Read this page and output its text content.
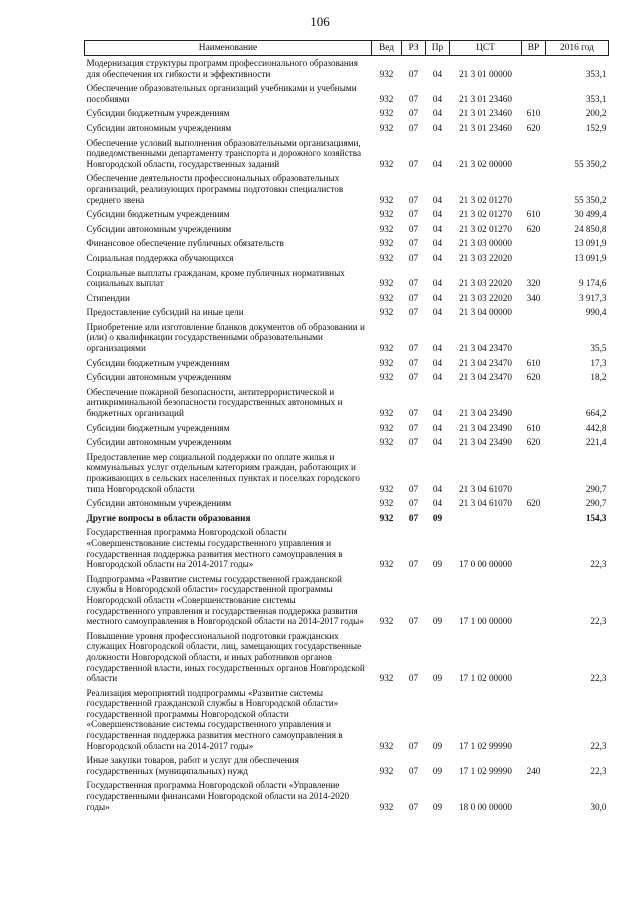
106
Наименование	Вед	РЗ	Пр	ЦСТ	ВР	2016 год
Модернизация структуры программ профессионального образования для обеспечения их гибкости и эффективности	932	07	04	21 3 01 00000		353,1
Обеспечение образовательных организаций учебниками и учебными пособиями	932	07	04	21 3 01 23460		353,1
Субсидии бюджетным учреждениям	932	07	04	21 3 01 23460	610	200,2
Субсидии автономным учреждениям	932	07	04	21 3 01 23460	620	152,9
Обеспечение условий выполнения образовательными организациями, подведомственными департаменту транспорта и дорожного хозяйства Новгородской области, государственных заданий	932	07	04	21 3 02 00000		55 350,2
Обеспечение деятельности профессиональных образовательных организаций, реализующих программы подготовки специалистов среднего звена	932	07	04	21 3 02 01270		55 350,2
Субсидии бюджетным учреждениям	932	07	04	21 3 02 01270	610	30 499,4
Субсидии автономным учреждениям	932	07	04	21 3 02 01270	620	24 850,8
Финансовое обеспечение публичных обязательств	932	07	04	21 3 03 00000		13 091,9
Социальная поддержка обучающихся	932	07	04	21 3 03 22020		13 091,9
Социальные выплаты гражданам, кроме публичных нормативных социальных выплат	932	07	04	21 3 03 22020	320	9 174,6
Стипендии	932	07	04	21 3 03 22020	340	3 917,3
Предоставление субсидий на иные цели	932	07	04	21 3 04 00000		990,4
Приобретение или изготовление бланков документов об образовании и (или) о квалификации государственными образовательными организациями	932	07	04	21 3 04 23470		35,5
Субсидии бюджетным учреждениям	932	07	04	21 3 04 23470	610	17,3
Субсидии автономным учреждениям	932	07	04	21 3 04 23470	620	18,2
Обеспечение пожарной безопасности, антитеррористической и антикриминальной безопасности государственных автономных и бюджетных организаций	932	07	04	21 3 04 23490		664,2
Субсидии бюджетным учреждениям	932	07	04	21 3 04 23490	610	442,8
Субсидии автономным учреждениям	932	07	04	21 3 04 23490	620	221,4
Предоставление мер социальной поддержки по оплате жилья и коммунальных услуг отдельным категориям граждан, работающих и проживающих в сельских населенных пунктах и поселках городского типа Новгородской области	932	07	04	21 3 04 61070		290,7
Субсидии автономным учреждениям	932	07	04	21 3 04 61070	620	290,7
Другие вопросы в области образования	932	07	09			154,3
Государственная программа Новгородской области «Совершенствование системы государственного управления и государственная поддержка развития местного самоуправления в Новгородской области на 2014-2017 годы»	932	07	09	17 0 00 00000		22,3
Подпрограмма «Развитие системы государственной гражданской службы в Новгородской области» государственной программы Новгородской области «Совершенствование системы государственного управления и государственная поддержка развития местного самоуправления в Новгородской области на 2014-2017 годы»	932	07	09	17 1 00 00000		22,3
Повышение уровня профессиональной подготовки гражданских служащих Новгородской области, лиц, замещающих государственные должности Новгородской области, и иных работников органов государственной власти, иных государственных органов Новгородской области	932	07	09	17 1 02 00000		22,3
Реализация мероприятий подпрограммы «Развитие системы государственной гражданской службы в Новгородской области» государственной программы Новгородской области «Совершенствование системы государственного управления и государственная поддержка развития местного самоуправления в Новгородской области на 2014-2017 годы»	932	07	09	17 1 02 99990		22,3
Иные закупки товаров, работ и услуг для обеспечения государственных (муниципальных) нужд	932	07	09	17 1 02 99990	240	22,3
Государственная программа Новгородской области «Управление государственными финансами Новгородской области на 2014-2020 годы»	932	07	09	18 0 00 00000		30,0
